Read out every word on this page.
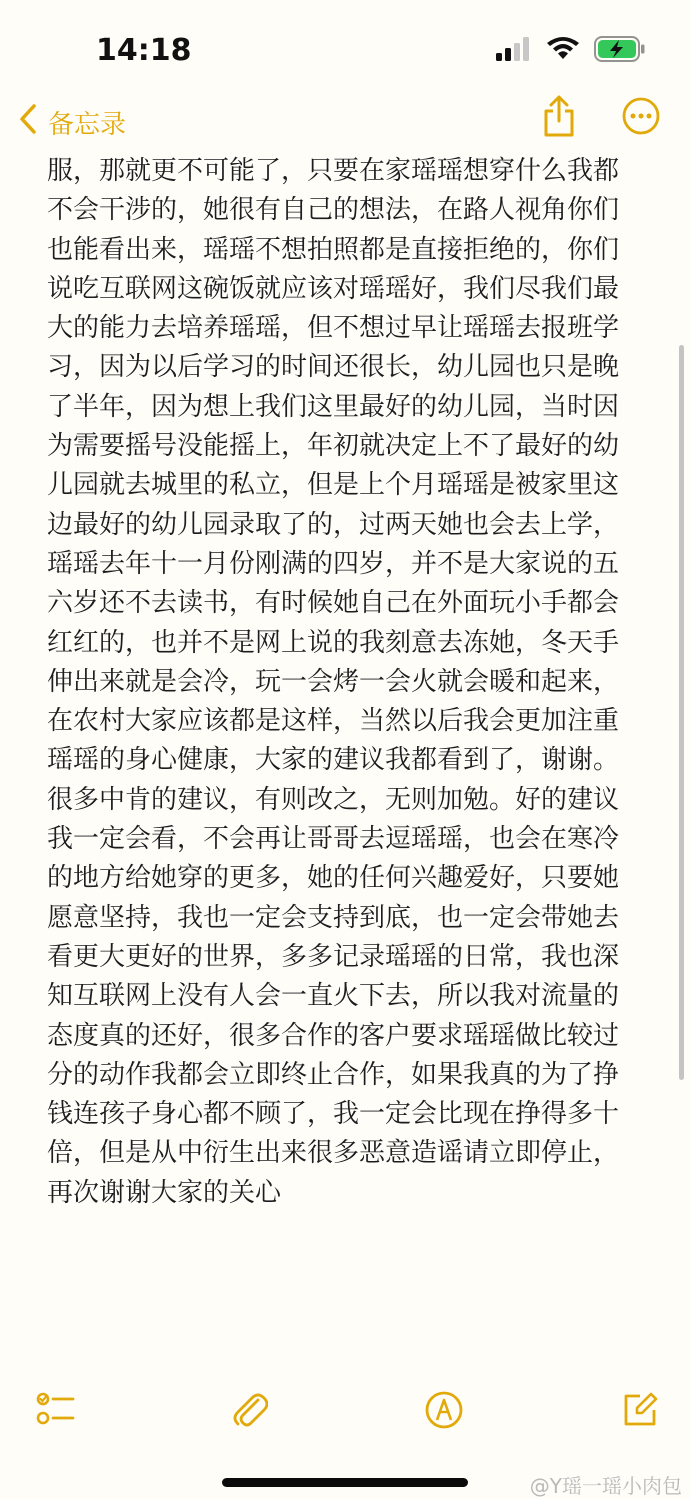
14:18

备忘录
服，那就更不可能了，只要在家瑶瑶想穿什么我都
不会干涉的，她很有自己的想法，在路人视角你们
也能看出来，瑶瑶不想拍照都是直接拒绝的，你们
说吃互联网这碗饭就应该对瑶瑶好，我们尽我们最
大的能力去培养瑶瑶，但不想过早让瑶瑶去报班学
习，因为以后学习的时间还很长，幼儿园也只是晚
了半年，因为想上我们这里最好的幼儿园，当时因
为需要摇号没能摇上，年初就决定上不了最好的幼
儿园就去城里的私立，但是上个月瑶瑶是被家里这
边最好的幼儿园录取了的，过两天她也会去上学，
瑶瑶去年十一月份刚满的四岁，并不是大家说的五
六岁还不去读书，有时候她自己在外面玩小手都会
红红的，也并不是网上说的我刻意去冻她，冬天手
伸出来就是会冷，玩一会烤一会火就会暖和起来，
在农村大家应该都是这样，当然以后我会更加注重
瑶瑶的身心健康，大家的建议我都看到了，谢谢。
很多中肯的建议，有则改之，无则加勉。好的建议
我一定会看，不会再让哥哥去逗瑶瑶，也会在寒冷
的地方给她穿的更多，她的任何兴趣爱好，只要她
愿意坚持，我也一定会支持到底，也一定会带她去
看更大更好的世界，多多记录瑶瑶的日常，我也深
知互联网上没有人会一直火下去，所以我对流量的
态度真的还好，很多合作的客户要求瑶瑶做比较过
分的动作我都会立即终止合作，如果我真的为了挣
钱连孩子身心都不顾了，我一定会比现在挣得多十
倍，但是从中衍生出来很多恶意造谣请立即停止，
再次谢谢大家的关心
@Y瑶一瑶小肉包
